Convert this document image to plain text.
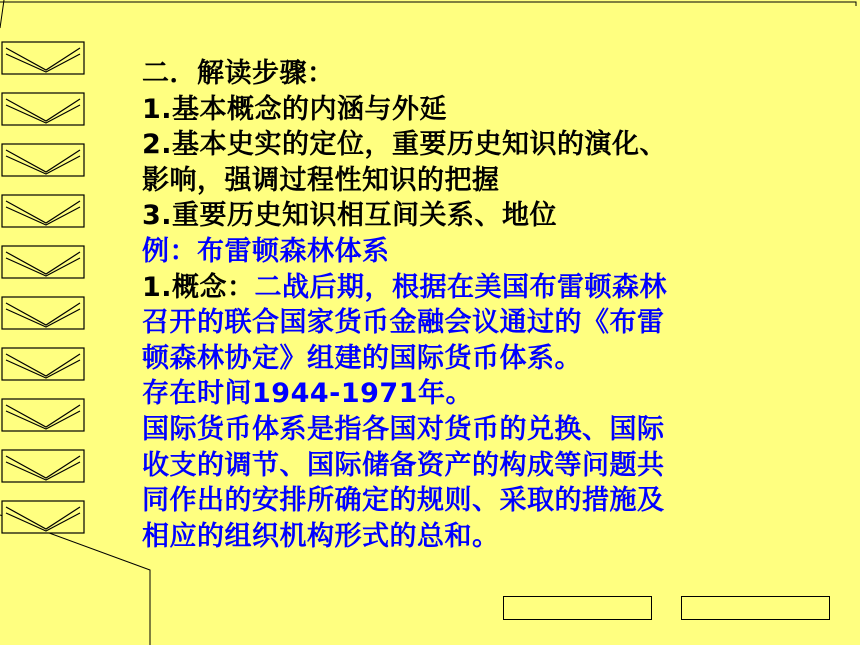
二．解读步骤：
1.基本概念的内涵与外延
2.基本史实的定位，重要历史知识的演化、
影响，强调过程性知识的把握
3.重要历史知识相互间关系、地位
例：布雷顿森林体系
1.概念：二战后期，根据在美国布雷顿森林
召开的联合国家货币金融会议通过的《布雷
顿森林协定》组建的国际货币体系。
存在时间1944-1971年。
国际货币体系是指各国对货币的兑换、国际
收支的调节、国际储备资产的构成等问题共
同作出的安排所确定的规则、采取的措施及
相应的组织机构形式的总和。
